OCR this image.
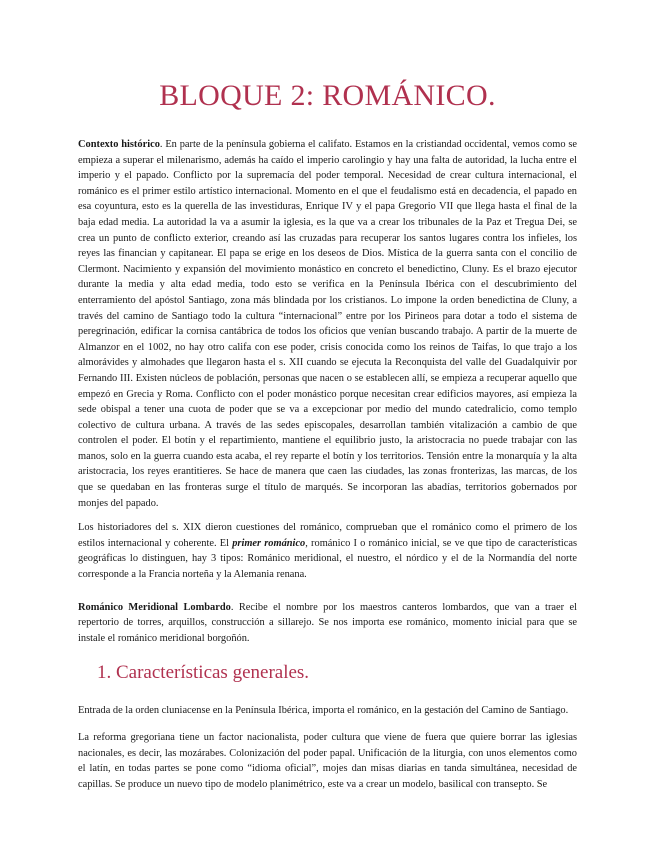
BLOQUE 2: ROMÁNICO.

Contexto histórico. En parte de la península gobierna el califato. Estamos en la cristiandad occidental, vemos como se empieza a superar el milenarismo, además ha caído el imperio carolingio y hay una falta de autoridad, la lucha entre el imperio y el papado. Conflicto por la supremacía del poder temporal. Necesidad de crear cultura internacional, el románico es el primer estilo artístico internacional. Momento en el que el feudalismo está en decadencia, el papado en esa coyuntura, esto es la querella de las investiduras, Enrique IV y el papa Gregorio VII que llega hasta el final de la baja edad media. La autoridad la va a asumir la iglesia, es la que va a crear los tribunales de la Paz et Tregua Dei, se crea un punto de conflicto exterior, creando así las cruzadas para recuperar los santos lugares contra los infieles, los reyes las financian y capitanear. El papa se erige en los deseos de Dios. Mística de la guerra santa con el concilio de Clermont. Nacimiento y expansión del movimiento monástico en concreto el benedictino, Cluny. Es el brazo ejecutor durante la media y alta edad media, todo esto se verifica en la Península Ibérica con el descubrimiento del enterramiento del apóstol Santiago, zona más blindada por los cristianos. Lo impone la orden benedictina de Cluny, a través del camino de Santiago todo la cultura “internacional” entre por los Pirineos para dotar a todo el sistema de peregrinación, edificar la cornisa cantábrica de todos los oficios que venían buscando trabajo. A partir de la muerte de Almanzor en el 1002, no hay otro califa con ese poder, crisis conocida como los reinos de Taifas, lo que trajo a los almorávides y almohades que llegaron hasta el s. XII cuando se ejecuta la Reconquista del valle del Guadalquivir por Fernando III. Existen núcleos de población, personas que nacen o se establecen allí, se empieza a recuperar aquello que empezó en Grecia y Roma. Conflicto con el poder monástico porque necesitan crear edificios mayores, así empieza la sede obispal a tener una cuota de poder que se va a excepcionar por medio del mundo catedralicio, como templo colectivo de cultura urbana. A través de las sedes episcopales, desarrollan también vitalización a cambio de que controlen el poder. El botín y el repartimiento, mantiene el equilibrio justo, la aristocracia no puede trabajar con las manos, solo en la guerra cuando esta acaba, el rey reparte el botín y los territorios. Tensión entre la monarquía y la alta aristocracia, los reyes erantitieres. Se hace de manera que caen las ciudades, las zonas fronterizas, las marcas, de los que se quedaban en las fronteras surge el título de marqués. Se incorporan las abadías, territorios gobernados por monjes del papado.

Los historiadores del s. XIX dieron cuestiones del románico, comprueban que el románico como el primero de los estilos internacional y coherente. El primer románico, románico I o románico inicial, se ve que tipo de características geográficas lo distinguen, hay 3 tipos: Románico meridional, el nuestro, el nórdico y el de la Normandía del norte corresponde a la Francia norteña y la Alemania renana.

Románico Meridional Lombardo. Recibe el nombre por los maestros canteros lombardos, que van a traer el repertorio de torres, arquillos, construcción a sillarejo. Se nos importa ese románico, momento inicial para que se instale el románico meridional borgoñón.

1. Características generales.

Entrada de la orden cluniacense en la Península Ibérica, importa el románico, en la gestación del Camino de Santiago.

La reforma gregoriana tiene un factor nacionalista, poder cultura que viene de fuera que quiere borrar las iglesias nacionales, es decir, las mozárabes. Colonización del poder papal. Unificación de la liturgia, con unos elementos como el latín, en todas partes se pone como “idioma oficial”, mojes dan misas diarias en tanda simultánea, necesidad de capillas. Se produce un nuevo tipo de modelo planimétrico, este va a crear un modelo, basilical con transepto. Se
